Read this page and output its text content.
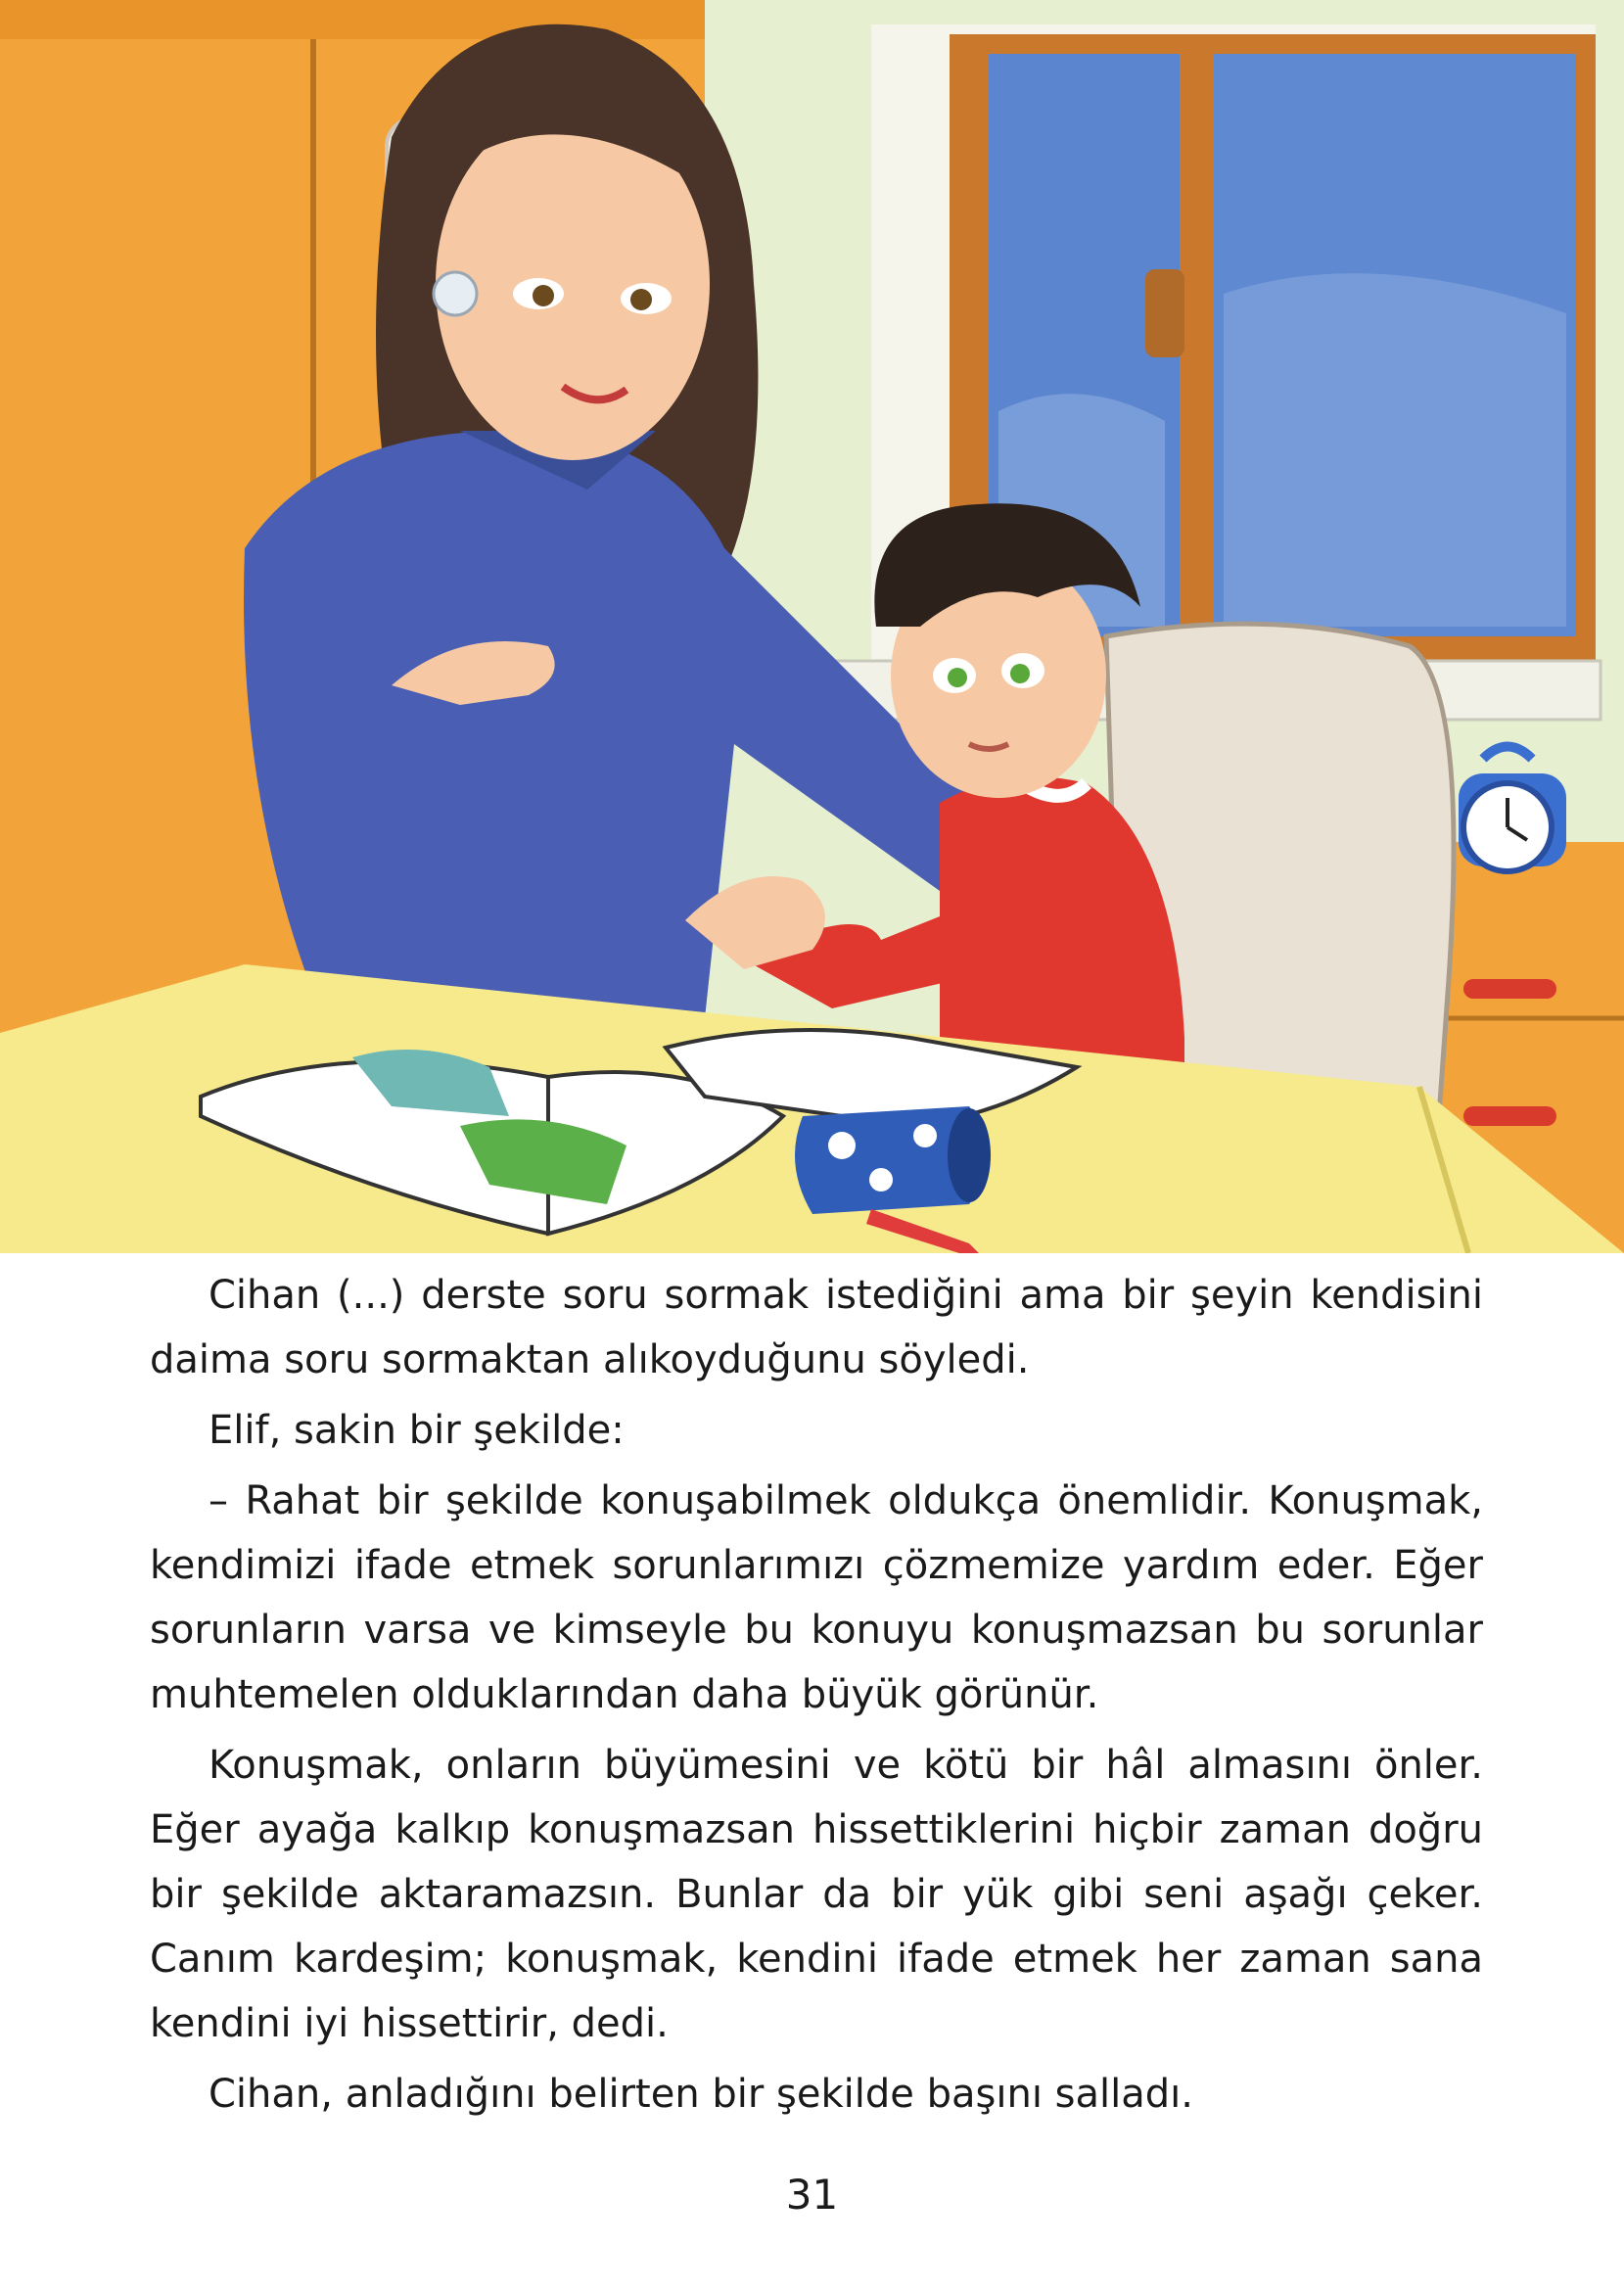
Cihan (...) derste soru sormak istediğini ama bir şeyin kendisini daima soru sormaktan alıkoyduğunu söyledi.

Elif, sakin bir şekilde:

– Rahat bir şekilde konuşabilmek oldukça önemlidir. Konuşmak, kendimizi ifade etmek sorunlarımızı çözmemize yardım eder. Eğer sorunların varsa ve kimseyle bu konuyu konuşmazsan bu sorunlar muhtemelen olduklarından daha büyük görünür.

Konuşmak, onların büyümesini ve kötü bir hâl almasını önler. Eğer ayağa kalkıp konuşmazsan hissettiklerini hiçbir zaman doğru bir şekilde aktaramazsın. Bunlar da bir yük gibi seni aşağı çeker. Canım kardeşim; konuşmak, kendini ifade etmek her zaman sana kendini iyi hissettirir, dedi.

Cihan, anladığını belirten bir şekilde başını salladı.

31
